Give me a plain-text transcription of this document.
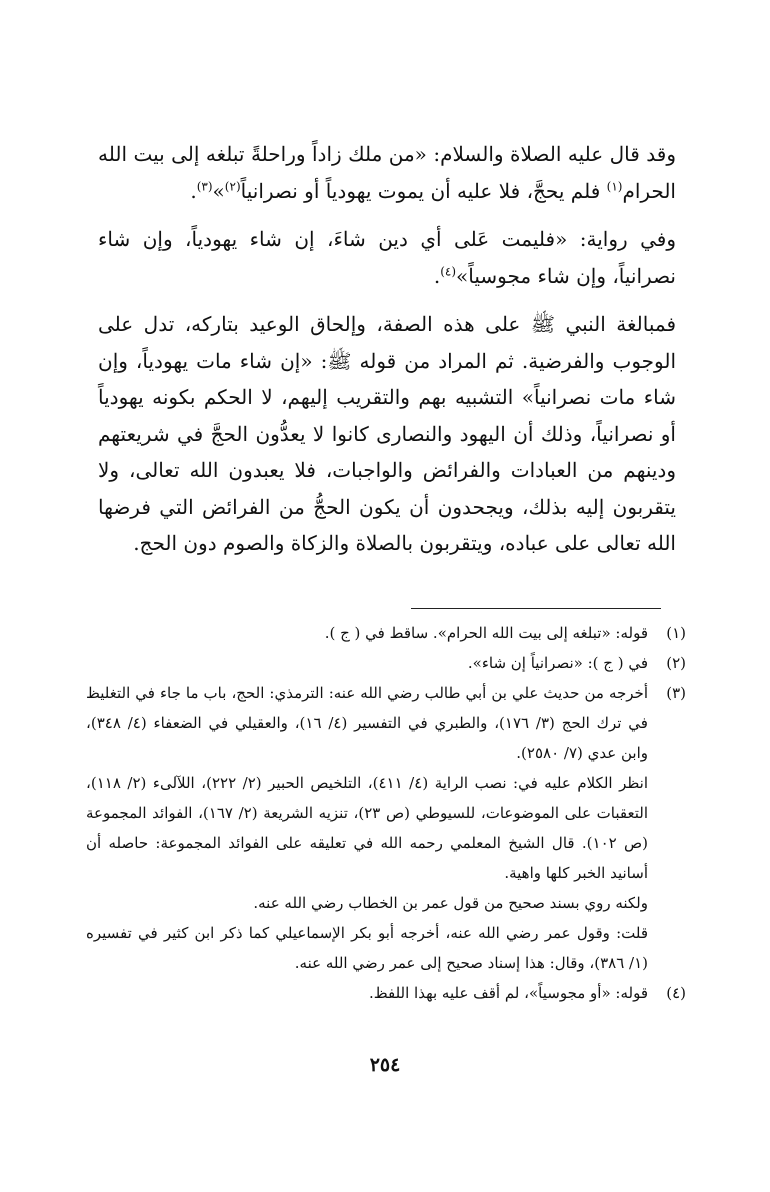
وقد قال عليه الصلاة والسلام: «من ملك زاداً وراحلةً تبلغه إلى بيت الله الحرام$^{(١)}$ فلم يحجَّ، فلا عليه أن يموت يهودياً أو نصرانياً$^{(٢)}$»$^{(٣)}$.

وفي رواية: «فليمت عَلى أي دين شاءَ، إن شاء يهودياً، وإن شاء نصرانياً، وإن شاء مجوسياً»$^{(٤)}$.

فمبالغة النبي ﷺ على هذه الصفة، وإلحاق الوعيد بتاركه، تدل على الوجوب والفرضية. ثم المراد من قوله ﷺ: «إن شاء مات يهودياً، وإن شاء مات نصرانياً» التشبيه بهم والتقريب إليهم، لا الحكم بكونه يهودياً أو نصرانياً، وذلك أن اليهود والنصارى كانوا لا يعدُّون الحجَّ في شريعتهم ودينهم من العبادات والفرائض والواجبات، فلا يعبدون الله تعالى، ولا يتقربون إليه بذلك، ويجحدون أن يكون الحجُّ من الفرائض التي فرضها الله تعالى على عباده، ويتقربون بالصلاة والزكاة والصوم دون الحج.

(١)

قوله: «تبلغه إلى بيت الله الحرام». ساقط في ( ج ).

(٢)

في ( ج ): «نصرانياً إن شاء».

(٣)

أخرجه من حديث علي بن أبي طالب رضي الله عنه: الترمذي: الحج، باب ما جاء في التغليظ في ترك الحج (٣/ ١٧٦)، والطبري في التفسير (٤/ ١٦)، والعقيلي في الضعفاء (٤/ ٣٤٨)، وابن عدي (٧/ ٢٥٨٠).

انظر الكلام عليه في: نصب الراية (٤/ ٤١١)، التلخيص الحبير (٢/ ٢٢٢)، اللآلىء (٢/ ١١٨)، التعقبات على الموضوعات، للسيوطي (ص ٢٣)، تنزيه الشريعة (٢/ ١٦٧)، الفوائد المجموعة (ص ١٠٢). قال الشيخ المعلمي رحمه الله في تعليقه على الفوائد المجموعة: حاصله أن أسانيد الخبر كلها واهية.

ولكنه روي بسند صحيح من قول عمر بن الخطاب رضي الله عنه.

قلت: وقول عمر رضي الله عنه، أخرجه أبو بكر الإسماعيلي كما ذكر ابن كثير في تفسيره (١/ ٣٨٦)، وقال: هذا إسناد صحيح إلى عمر رضي الله عنه.

(٤)

قوله: «أو مجوسياً»، لم أقف عليه بهذا اللفظ.

٢٥٤
